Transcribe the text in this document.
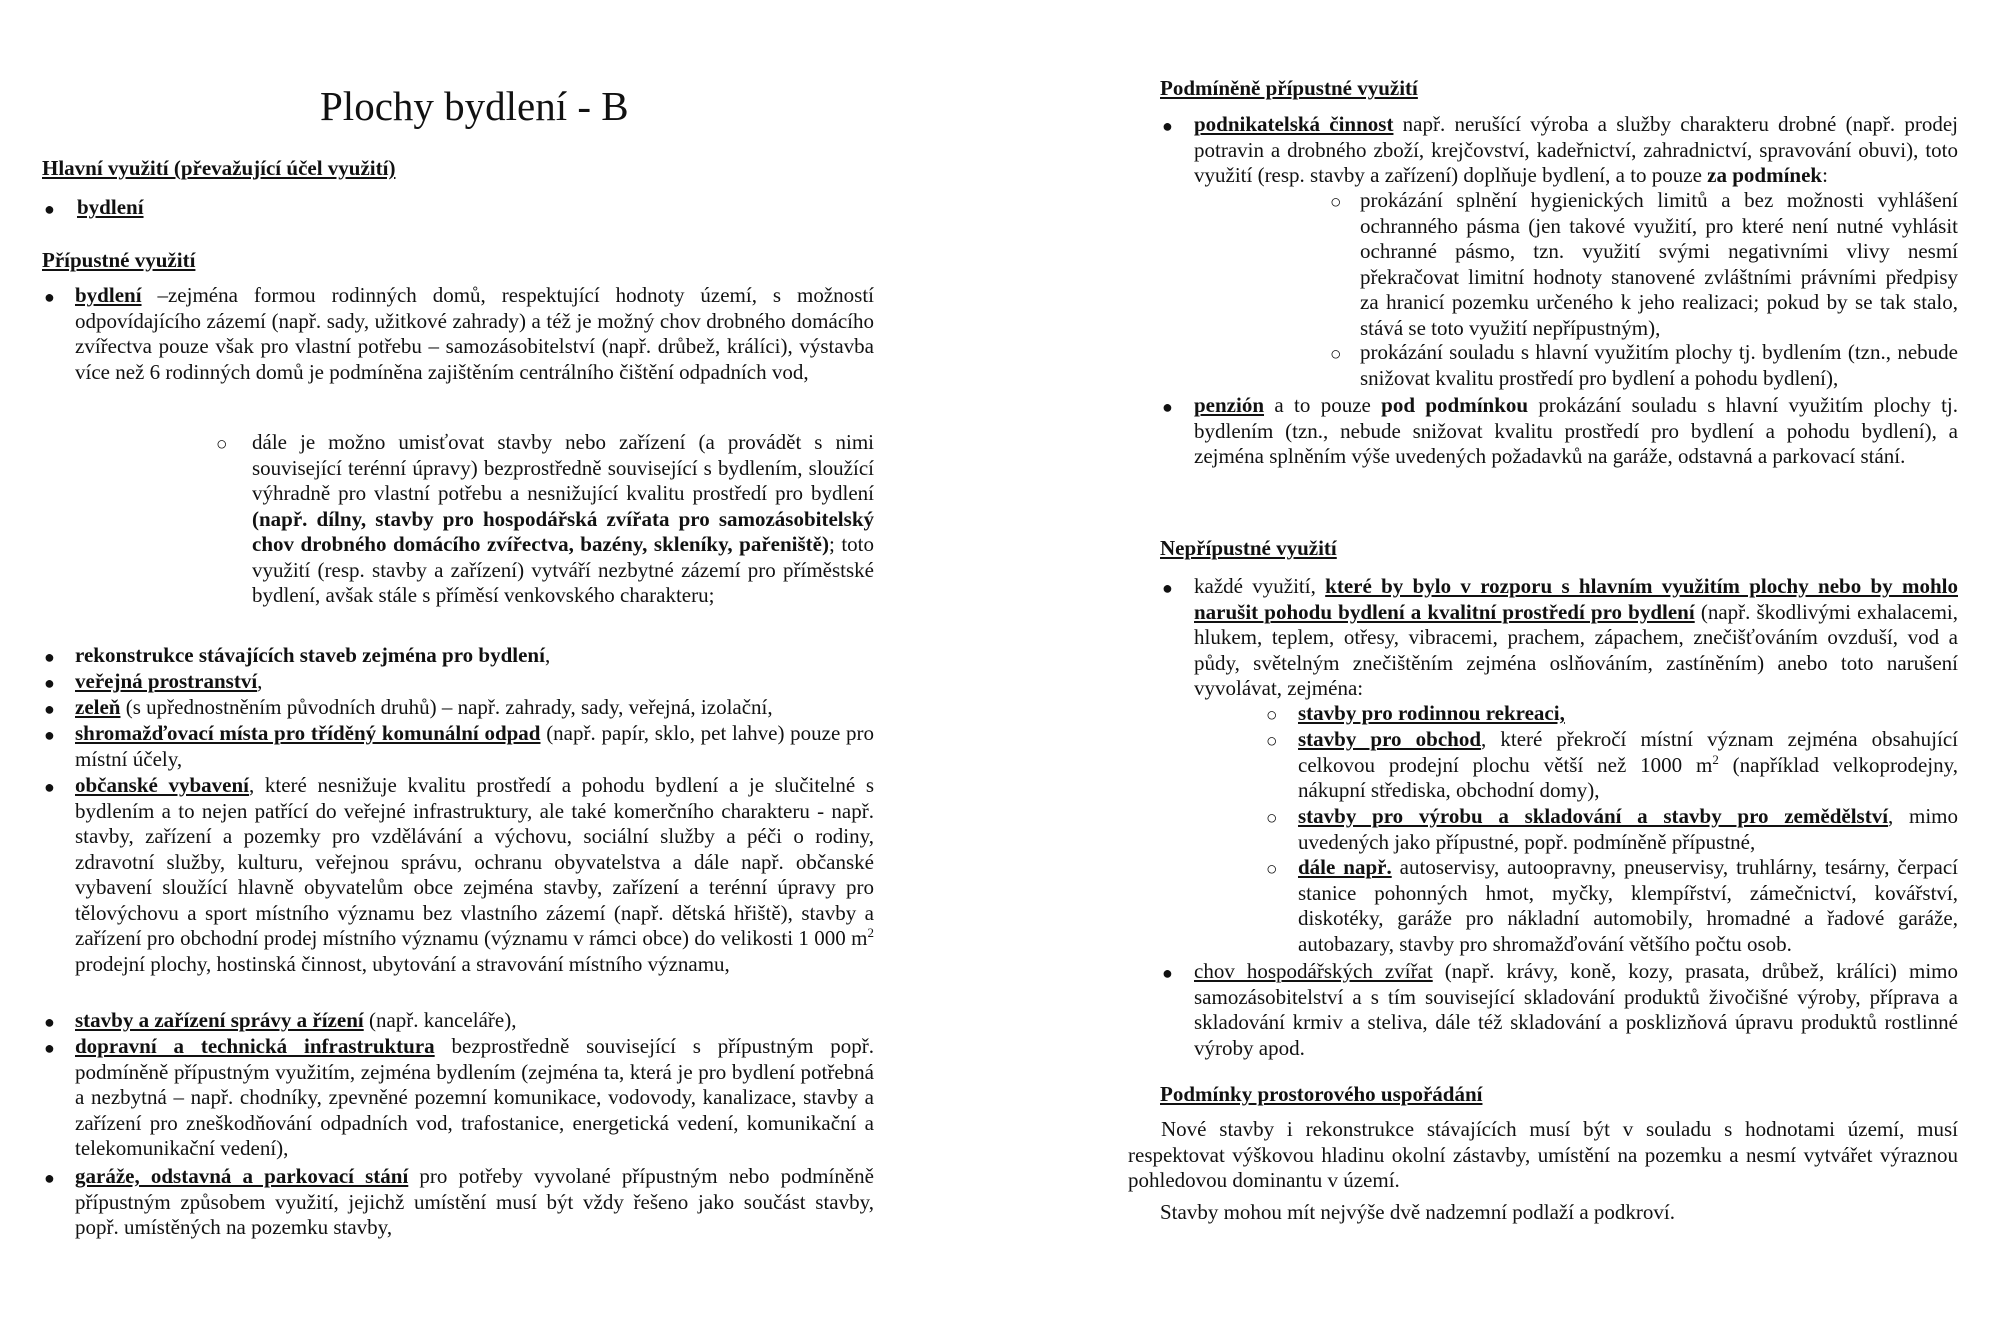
Plochy bydlení - B
Hlavní využití (převažující účel využití)
● bydlení
Přípustné využití
● bydlení –zejména formou rodinných domů, respektující hodnoty území, s možností odpovídajícího zázemí (např. sady, užitkové zahrady) a též je možný chov drobného domácího zvířectva pouze však pro vlastní potřebu – samozásobitelství (např. drůbež, králíci), výstavba více než 6 rodinných domů je podmíněna zajištěním centrálního čištění odpadních vod,
○ dále je možno umisťovat stavby nebo zařízení (a provádět s nimi související terénní úpravy) bezprostředně související s bydlením, sloužící výhradně pro vlastní potřebu a nesnižující kvalitu prostředí pro bydlení (např. dílny, stavby pro hospodářská zvířata pro samozásobitelský chov drobného domácího zvířectva, bazény, skleníky, pařeniště); toto využití (resp. stavby a zařízení) vytváří nezbytné zázemí pro příměstské bydlení, avšak stále s příměsí venkovského charakteru;
● rekonstrukce stávajících staveb zejména pro bydlení,
● veřejná prostranství,
● zeleň (s upřednostněním původních druhů) – např. zahrady, sady, veřejná, izolační,
● shromažďovací místa pro tříděný komunální odpad (např. papír, sklo, pet lahve) pouze pro místní účely,
● občanské vybavení, které nesnižuje kvalitu prostředí a pohodu bydlení a je slučitelné s bydlením a to nejen patřící do veřejné infrastruktury, ale také komerčního charakteru - např. stavby, zařízení a pozemky pro vzdělávání a výchovu, sociální služby a péči o rodiny, zdravotní služby, kulturu, veřejnou správu, ochranu obyvatelstva a dále např. občanské vybavení sloužící hlavně obyvatelům obce zejména stavby, zařízení a terénní úpravy pro tělovýchovu a sport místního významu bez vlastního zázemí (např. dětská hřiště), stavby a zařízení pro obchodní prodej místního významu (významu v rámci obce) do velikosti 1 000 $m^2$ prodejní plochy, hostinská činnost, ubytování a stravování místního významu,
● stavby a zařízení správy a řízení (např. kanceláře),
● dopravní a technická infrastruktura bezprostředně související s přípustným popř. podmíněně přípustným využitím, zejména bydlením (zejména ta, která je pro bydlení potřebná a nezbytná – např. chodníky, zpevněné pozemní komunikace, vodovody, kanalizace, stavby a zařízení pro zneškodňování odpadních vod, trafostanice, energetická vedení, komunikační a telekomunikační vedení),
● garáže, odstavná a parkovací stání pro potřeby vyvolané přípustným nebo podmíněně přípustným způsobem využití, jejichž umístění musí být vždy řešeno jako součást stavby, popř. umístěných na pozemku stavby,
Podmíněně přípustné využití
● podnikatelská činnost např. nerušící výroba a služby charakteru drobné (např. prodej potravin a drobného zboží, krejčovství, kadeřnictví, zahradnictví, spravování obuvi), toto využití (resp. stavby a zařízení) doplňuje bydlení, a to pouze za podmínek:
○ prokázání splnění hygienických limitů a bez možnosti vyhlášení ochranného pásma (jen takové využití, pro které není nutné vyhlásit ochranné pásmo, tzn. využití svými negativními vlivy nesmí překračovat limitní hodnoty stanovené zvláštními právními předpisy za hranicí pozemku určeného k jeho realizaci; pokud by se tak stalo, stává se toto využití nepřípustným),
○ prokázání souladu s hlavní využitím plochy tj. bydlením (tzn., nebude snižovat kvalitu prostředí pro bydlení a pohodu bydlení),
● penzión a to pouze pod podmínkou prokázání souladu s hlavní využitím plochy tj. bydlením (tzn., nebude snižovat kvalitu prostředí pro bydlení a pohodu bydlení), a zejména splněním výše uvedených požadavků na garáže, odstavná a parkovací stání.
Nepřípustné využití
● každé využití, které by bylo v rozporu s hlavním využitím plochy nebo by mohlo narušit pohodu bydlení a kvalitní prostředí pro bydlení (např. škodlivými exhalacemi, hlukem, teplem, otřesy, vibracemi, prachem, zápachem, znečišťováním ovzduší, vod a půdy, světelným znečištěním zejména oslňováním, zastíněním) anebo toto narušení vyvolávat, zejména:
○ stavby pro rodinnou rekreaci,
○ stavby pro obchod, které překročí místní význam zejména obsahující celkovou prodejní plochu větší než 1000 $m^2$ (například velkoprodejny, nákupní střediska, obchodní domy),
○ stavby pro výrobu a skladování a stavby pro zemědělství, mimo uvedených jako přípustné, popř. podmíněně přípustné,
○ dále např. autoservisy, autoopravny, pneuservisy, truhlárny, tesárny, čerpací stanice pohonných hmot, myčky, klempířství, zámečnictví, kovářství, diskotéky, garáže pro nákladní automobily, hromadné a řadové garáže, autobazary, stavby pro shromažďování většího počtu osob.
● chov hospodářských zvířat (např. krávy, koně, kozy, prasata, drůbež, králíci) mimo samozásobitelství a s tím související skladování produktů živočišné výroby, příprava a skladování krmiv a steliva, dále též skladování a posklizňová úpravu produktů rostlinné výroby apod.
Podmínky prostorového uspořádání
Nové stavby i rekonstrukce stávajících musí být v souladu s hodnotami území, musí respektovat výškovou hladinu okolní zástavby, umístění na pozemku a nesmí vytvářet výraznou pohledovou dominantu v území.
Stavby mohou mít nejvýše dvě nadzemní podlaží a podkroví.
